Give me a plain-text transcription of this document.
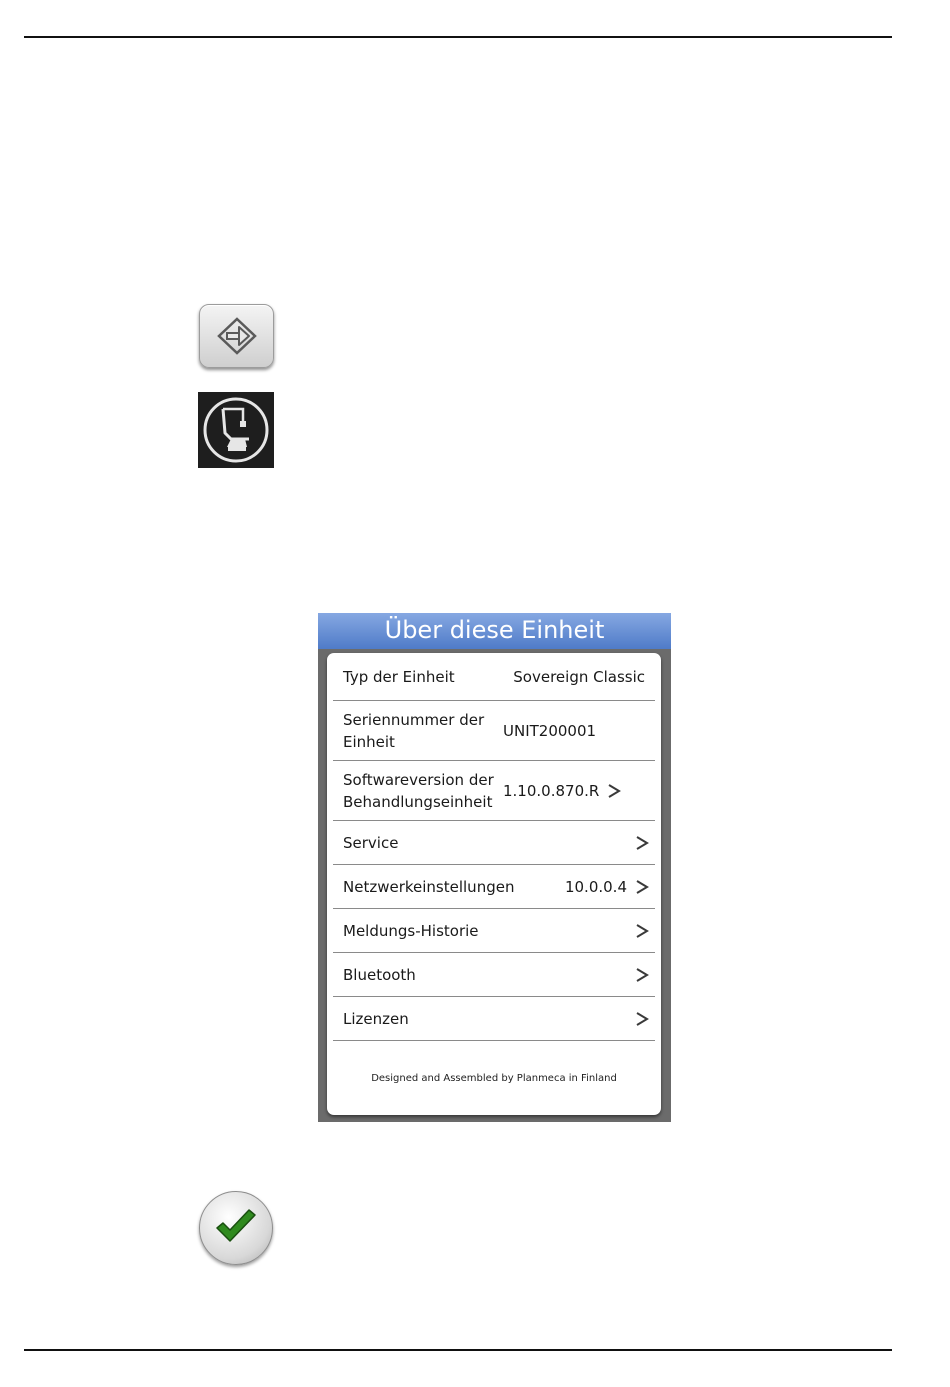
Über diese Einheit
Typ der Einheit	Sovereign Classic
Seriennummer der Einheit
UNIT200001
Softwareversion der Behandlungseinheit
1.10.0.870.R
Service
Netzwerkeinstellungen	10.0.0.4
Meldungs-Historie
Bluetooth
Lizenzen
Designed and Assembled by Planmeca in Finland
